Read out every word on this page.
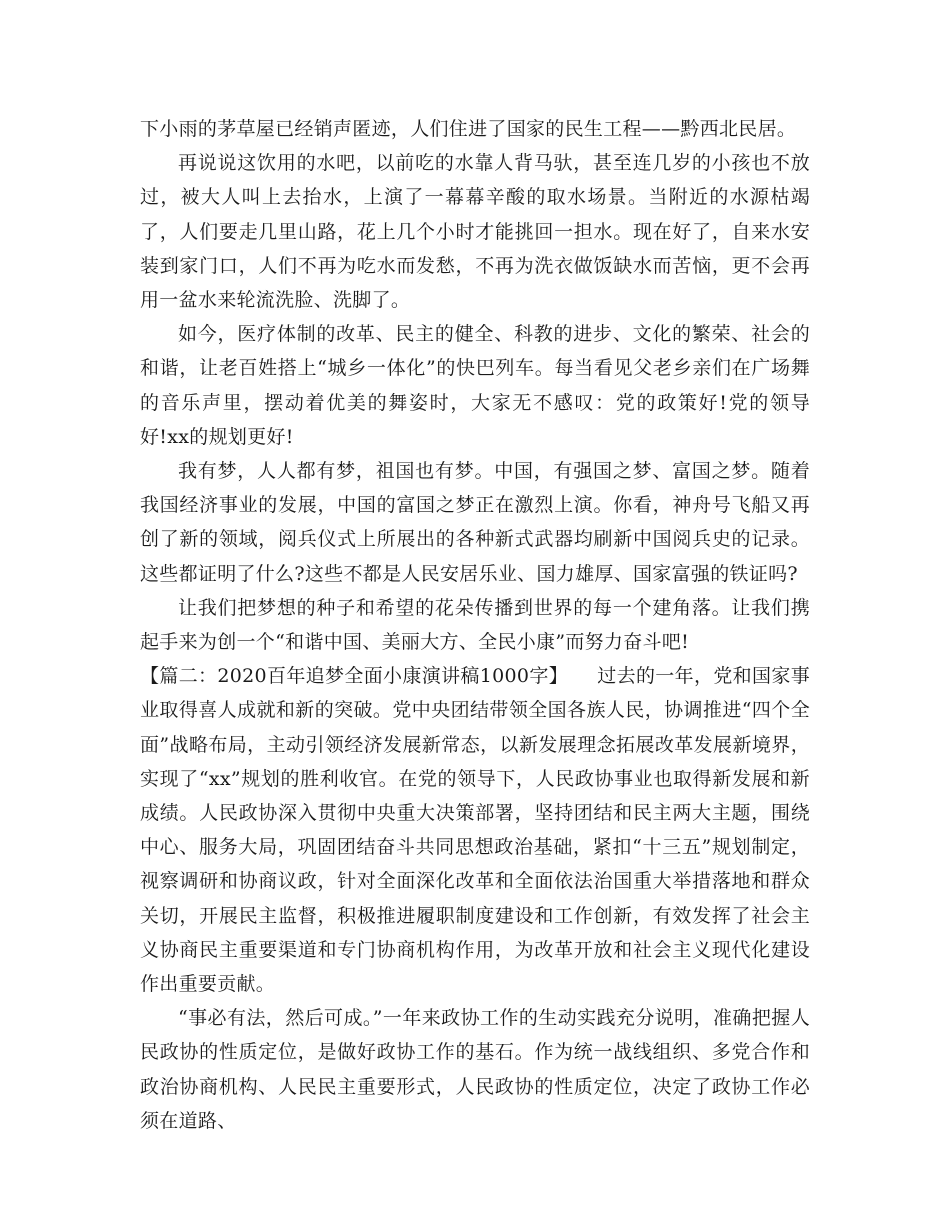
下小雨的茅草屋已经销声匿迹，人们住进了国家的民生工程——黔西北民居。

再说说这饮用的水吧，以前吃的水靠人背马驮，甚至连几岁的小孩也不放过，被大人叫上去抬水，上演了一幕幕辛酸的取水场景。当附近的水源枯竭了，人们要走几里山路，花上几个小时才能挑回一担水。现在好了，自来水安装到家门口，人们不再为吃水而发愁，不再为洗衣做饭缺水而苦恼，更不会再用一盆水来轮流洗脸、洗脚了。

如今，医疗体制的改革、民主的健全、科教的进步、文化的繁荣、社会的和谐，让老百姓搭上“城乡一体化”的快巴列车。每当看见父老乡亲们在广场舞的音乐声里，摆动着优美的舞姿时，大家无不感叹：党的政策好!党的领导好!xx的规划更好!

我有梦，人人都有梦，祖国也有梦。中国，有强国之梦、富国之梦。随着我国经济事业的发展，中国的富国之梦正在激烈上演。你看，神舟号飞船又再创了新的领域，阅兵仪式上所展出的各种新式武器均刷新中国阅兵史的记录。这些都证明了什么?这些不都是人民安居乐业、国力雄厚、国家富强的铁证吗?

让我们把梦想的种子和希望的花朵传播到世界的每一个建角落。让我们携起手来为创一个“和谐中国、美丽大方、全民小康”而努力奋斗吧!

【篇二：2020百年追梦全面小康演讲稿1000字】　　过去的一年，党和国家事业取得喜人成就和新的突破。党中央团结带领全国各族人民，协调推进“四个全面”战略布局，主动引领经济发展新常态，以新发展理念拓展改革发展新境界，实现了“xx”规划的胜利收官。在党的领导下，人民政协事业也取得新发展和新成绩。人民政协深入贯彻中央重大决策部署，坚持团结和民主两大主题，围绕中心、服务大局，巩固团结奋斗共同思想政治基础，紧扣“十三五”规划制定，视察调研和协商议政，针对全面深化改革和全面依法治国重大举措落地和群众关切，开展民主监督，积极推进履职制度建设和工作创新，有效发挥了社会主义协商民主重要渠道和专门协商机构作用，为改革开放和社会主义现代化建设作出重要贡献。

“事必有法，然后可成。”一年来政协工作的生动实践充分说明，准确把握人民政协的性质定位，是做好政协工作的基石。作为统一战线组织、多党合作和政治协商机构、人民民主重要形式，人民政协的性质定位，决定了政协工作必须在道路、
